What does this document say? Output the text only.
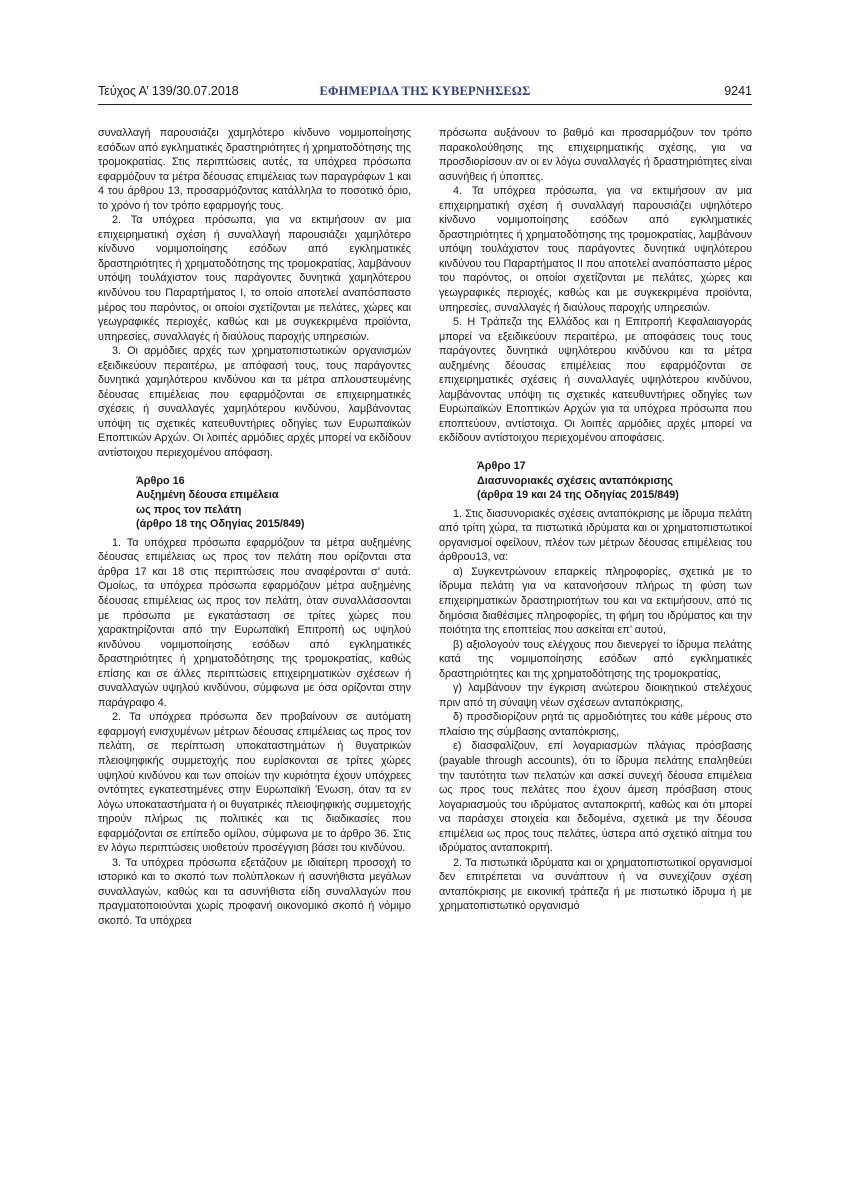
Τεύχος Α’ 139/30.07.2018	ΕΦΗΜΕΡΙΔΑ ΤΗΣ ΚΥΒΕΡΝΗΣΕΩΣ	9241

συναλλαγή παρουσιάζει χαμηλότερο κίνδυνο νομιμοποίησης εσόδων από εγκληματικές δραστηριότητες ή χρηματοδότησης της τρομοκρατίας. Στις περιπτώσεις αυτές, τα υπόχρεα πρόσωπα εφαρμόζουν τα μέτρα δέουσας επιμέλειας των παραγράφων 1 και 4 του άρθρου 13, προσαρμόζοντας κατάλληλα το ποσοτικό όριο, το χρόνο ή τον τρόπο εφαρμογής τους.

2. Τα υπόχρεα πρόσωπα, για να εκτιμήσουν αν μια επιχειρηματική σχέση ή συναλλαγή παρουσιάζει χαμηλότερο κίνδυνο νομιμοποίησης εσόδων από εγκληματικές δραστηριότητες ή χρηματοδότησης της τρομοκρατίας, λαμβάνουν υπόψη τουλάχιστον τους παράγοντες δυνητικά χαμηλότερου κινδύνου του Παραρτήματος Ι, το οποίο αποτελεί αναπόσπαστο μέρος του παρόντος, οι οποίοι σχετίζονται με πελάτες, χώρες και γεωγραφικές περιοχές, καθώς και με συγκεκριμένα προϊόντα, υπηρεσίες, συναλλαγές ή διαύλους παροχής υπηρεσιών.

3. Οι αρμόδιες αρχές των χρηματοπιστωτικών οργανισμών εξειδικεύουν περαιτέρω, με απόφασή τους, τους παράγοντες δυνητικά χαμηλότερου κινδύνου και τα μέτρα απλουστευμένης δέουσας επιμέλειας που εφαρμόζονται σε επιχειρηματικές σχέσεις ή συναλλαγές χαμηλότερου κινδύνου, λαμβάνοντας υπόψη τις σχετικές κατευθυντήριες οδηγίες των Ευρωπαϊκών Εποπτικών Αρχών. Οι λοιπές αρμόδιες αρχές μπορεί να εκδίδουν αντίστοιχου περιεχομένου απόφαση.

Άρθρο 16
Αυξημένη δέουσα επιμέλεια
ως προς τον πελάτη
(άρθρο 18 της Οδηγίας 2015/849)

1. Τα υπόχρεα πρόσωπα εφαρμόζουν τα μέτρα αυξημένης δέουσας επιμέλειας ως προς τον πελάτη που ορίζονται στα άρθρα 17 και 18 στις περιπτώσεις που αναφέρονται σ’ αυτά. Ομοίως, τα υπόχρεα πρόσωπα εφαρμόζουν μέτρα αυξημένης δέουσας επιμέλειας ως προς τον πελάτη, όταν συναλλάσσονται με πρόσωπα με εγκατάσταση σε τρίτες χώρες που χαρακτηρίζονται από την Ευρωπαϊκή Επιτροπή ως υψηλού κινδύνου νομιμοποίησης εσόδων από εγκληματικές δραστηριότητες ή χρηματοδότησης της τρομοκρατίας, καθώς επίσης και σε άλλες περιπτώσεις επιχειρηματικών σχέσεων ή συναλλαγών υψηλού κινδύνου, σύμφωνα με όσα ορίζονται στην παράγραφο 4.

2. Τα υπόχρεα πρόσωπα δεν προβαίνουν σε αυτόματη εφαρμογή ενισχυμένων μέτρων δέουσας επιμέλειας ως προς τον πελάτη, σε περίπτωση υποκαταστημάτων ή θυγατρικών πλειοψηφικής συμμετοχής που ευρίσκονται σε τρίτες χώρες υψηλού κινδύνου και των οποίων την κυριότητα έχουν υπόχρεες οντότητες εγκατεστημένες στην Ευρωπαϊκή Ένωση, όταν τα εν λόγω υποκαταστήματα ή οι θυγατρικές πλειοψηφικής συμμετοχής τηρούν πλήρως τις πολιτικές και τις διαδικασίες που εφαρμόζονται σε επίπεδο ομίλου, σύμφωνα με το άρθρο 36. Στις εν λόγω περιπτώσεις υιοθετούν προσέγγιση βάσει του κινδύνου.

3. Τα υπόχρεα πρόσωπα εξετάζουν με ιδιαίτερη προσοχή το ιστορικό και το σκοπό των πολύπλοκων ή ασυνήθιστα μεγάλων συναλλαγών, καθώς και τα ασυνήθιστα είδη συναλλαγών που πραγματοποιούνται χωρίς προφανή οικονομικό σκοπό ή νόμιμο σκοπό. Τα υπόχρεα

πρόσωπα αυξάνουν το βαθμό και προσαρμόζουν τον τρόπο παρακολούθησης της επιχειρηματικής σχέσης, για να προσδιορίσουν αν οι εν λόγω συναλλαγές ή δραστηριότητες είναι ασυνήθεις ή ύποπτες.

4. Τα υπόχρεα πρόσωπα, για να εκτιμήσουν αν μια επιχειρηματική σχέση ή συναλλαγή παρουσιάζει υψηλότερο κίνδυνο νομιμοποίησης εσόδων από εγκληματικές δραστηριότητες ή χρηματοδότησης της τρομοκρατίας, λαμβάνουν υπόψη τουλάχιστον τους παράγοντες δυνητικά υψηλότερου κινδύνου του Παραρτήματος ΙΙ που αποτελεί αναπόσπαστο μέρος του παρόντος, οι οποίοι σχετίζονται με πελάτες, χώρες και γεωγραφικές περιοχές, καθώς και με συγκεκριμένα προϊόντα, υπηρεσίες, συναλλαγές ή διαύλους παροχής υπηρεσιών.

5. Η Τράπεζα της Ελλάδος και η Επιτροπή Κεφαλαιαγοράς μπορεί να εξειδικεύουν περαιτέρω, με αποφάσεις τους τους παράγοντες δυνητικά υψηλότερου κινδύνου και τα μέτρα αυξημένης δέουσας επιμέλειας που εφαρμόζονται σε επιχειρηματικές σχέσεις ή συναλλαγές υψηλότερου κινδύνου, λαμβάνοντας υπόψη τις σχετικές κατευθυντήριες οδηγίες των Ευρωπαϊκών Εποπτικών Αρχών για τα υπόχρεα πρόσωπα που εποπτεύουν, αντίστοιχα. Οι λοιπές αρμόδιες αρχές μπορεί να εκδίδουν αντίστοιχου περιεχομένου αποφάσεις.

Άρθρο 17
Διασυνοριακές σχέσεις ανταπόκρισης
(άρθρα 19 και 24 της Οδηγίας 2015/849)

1. Στις διασυνοριακές σχέσεις ανταπόκρισης με ίδρυμα πελάτη από τρίτη χώρα, τα πιστωτικά ιδρύματα και οι χρηματοπιστωτικοί οργανισμοί οφείλουν, πλέον των μέτρων δέουσας επιμέλειας του άρθρου13, να:

α) Συγκεντρώνουν επαρκείς πληροφορίες, σχετικά με το ίδρυμα πελάτη για να κατανοήσουν πλήρως τη φύση των επιχειρηματικών δραστηριοτήτων του και να εκτιμήσουν, από τις δημόσια διαθέσιμες πληροφορίες, τη φήμη του ιδρύματος και την ποιότητα της εποπτείας που ασκείται επ’ αυτού,

β) αξιολογούν τους ελέγχους που διενεργεί το ίδρυμα πελάτης κατά της νομιμοποίησης εσόδων από εγκληματικές δραστηριότητες και της χρηματοδότησης της τρομοκρατίας,

γ) λαμβάνουν την έγκριση ανώτερου διοικητικού στελέχους πριν από τη σύναψη νέων σχέσεων ανταπόκρισης,

δ) προσδιορίζουν ρητά τις αρμοδιότητες του κάθε μέρους στο πλαίσιο της σύμβασης ανταπόκρισης,

ε) διασφαλίζουν, επί λογαριασμών πλάγιας πρόσβασης (payable through accounts), ότι το ίδρυμα πελάτης επαληθεύει την ταυτότητα των πελατών και ασκεί συνεχή δέουσα επιμέλεια ως προς τους πελάτες που έχουν άμεση πρόσβαση στους λογαριασμούς του ιδρύματος ανταποκριτή, καθώς και ότι μπορεί να παράσχει στοιχεία και δεδομένα, σχετικά με την δέουσα επιμέλεια ως προς τους πελάτες, ύστερα από σχετικό αίτημα του ιδρύματος ανταποκριτή.

2. Τα πιστωτικά ιδρύματα και οι χρηματοπιστωτικοί οργανισμοί δεν επιτρέπεται να συνάπτουν ή να συνεχίζουν σχέση ανταπόκρισης με εικονική τράπεζα ή με πιστωτικό ίδρυμα ή με χρηματοπιστωτικό οργανισμό
